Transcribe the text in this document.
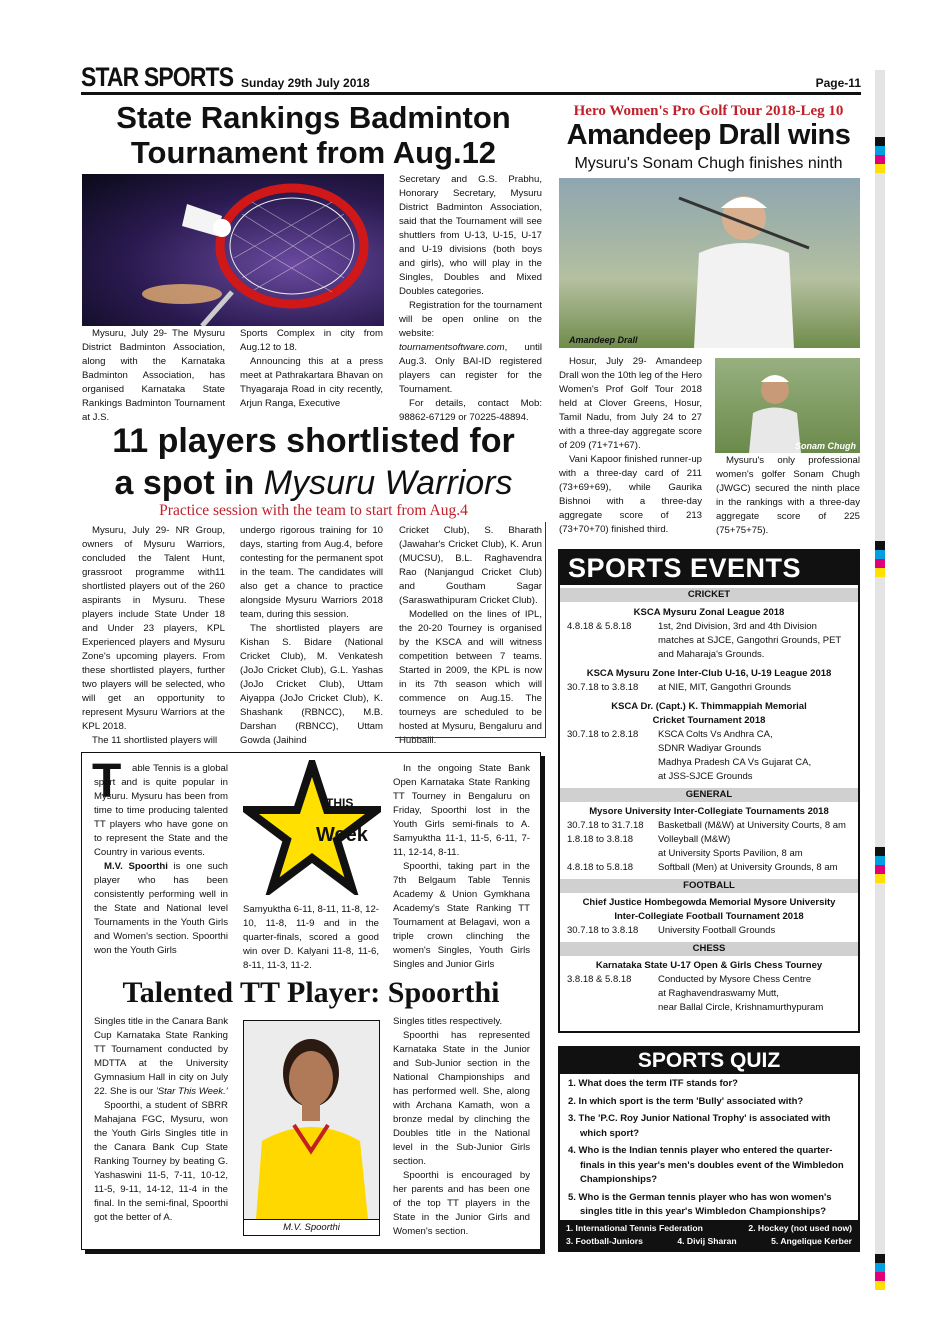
STAR SPORTS Sunday 29th July 2018	Page-11
State Rankings Badminton
Tournament from Aug.12

Mysuru, July 29- The Mysuru District Badminton Association, along with the Karnataka Badminton Association, has organised Karnataka State Rankings Badminton Tournament at J.S.

Sports Complex in city from Aug.12 to 18.

Announcing this at a press meet at Pathrakartara Bhavan on Thyagaraja Road in city recently, Arjun Ranga, Executive

Secretary and G.S. Prabhu, Honorary Secretary, Mysuru District Badminton Association, said that the Tournament will see shuttlers from U-13, U-15, U-17 and U-19 divisions (both boys and girls), who will play in the Singles, Doubles and Mixed Doubles categories.

Registration for the tournament will be open online on the website: tournamentsoftware.com, until Aug.3. Only BAI-ID registered players can register for the Tournament.

For details, contact Mob: 98862-67129 or 70225-48894.

Hero Women's Pro Golf Tour 2018-Leg 10
Amandeep Drall wins
Mysuru's Sonam Chugh finishes ninth
Amandeep Drall

Hosur, July 29- Amandeep Drall won the 10th leg of the Hero Women's Prof Golf Tour 2018 held at Clover Greens, Hosur, Tamil Nadu, from July 24 to 27 with a three-day aggregate score of 209 (71+71+67).

Vani Kapoor finished runner-up with a three-day card of 211 (73+69+69), while Gaurika Bishnoi with a three-day aggregate score of 213 (73+70+70) finished third.

Sonam Chugh

Mysuru's only professional women's golfer Sonam Chugh (JWGC) secured the ninth place in the rankings with a three-day aggregate score of 225 (75+75+75).

11 players shortlisted for
a spot in Mysuru Warriors
Practice session with the team to start from Aug.4

Mysuru, July 29- NR Group, owners of Mysuru Warriors, concluded the Talent Hunt, grassroot programme with11 shortlisted players out of the 260 aspirants in Mysuru. These players include State Under 18 and Under 23 players, KPL Experienced players and Mysuru Zone's upcoming players. From these shortlisted players, further two players will be selected, who will get an opportunity to represent Mysuru Warriors at the KPL 2018.

The 11 shortlisted players will

undergo rigorous training for 10 days, starting from Aug.4, before contesting for the permanent spot in the team. The candidates will also get a chance to practice alongside Mysuru Warriors 2018 team, during this session.

The shortlisted players are Kishan S. Bidare (National Cricket Club), M. Venkatesh (JoJo Cricket Club), G.L. Yashas (JoJo Cricket Club), Uttam Aiyappa (JoJo Cricket Club), K. Shashank (RBNCC), M.B. Darshan (RBNCC), Uttam Gowda (Jaihind

Cricket Club), S. Bharath (Jawahar's Cricket Club), K. Arun (MUCSU), B.L. Raghavendra Rao (Nanjangud Cricket Club) and Goutham Sagar (Saraswathipuram Cricket Club).

Modelled on the lines of IPL, the 20-20 Tourney is organised by the KSCA and will witness competition between 7 teams. Started in 2009, the KPL is now in its 7th season which will commence on Aug.15. The tourneys are scheduled to be hosted at Mysuru, Bengaluru and Hubballi.

T	able Tennis is a global sport and is quite popular in Mysuru. Mysuru has been from time to time producing talented TT players who have gone on to represent the State and the Country in various events.

M.V. Spoorthi is one such player who has been consistently performing well in the State and National level Tournaments in the Youth Girls and Women's section. Spoorthi won the Youth Girls

THIS
Week

Samyuktha 6-11, 8-11, 11-8, 12-10, 11-8, 11-9 and in the quarter-finals, scored a good win over D. Kalyani 11-8, 11-6, 8-11, 11-3, 11-2.

In the ongoing State Bank Open Karnataka State Ranking TT Tourney in Bengaluru on Friday, Spoorthi lost in the Youth Girls semi-finals to A. Samyuktha 11-1, 11-5, 6-11, 7-11, 12-14, 8-11.

Spoorthi, taking part in the 7th Belgaum Table Tennis Academy & Union Gymkhana Academy's State Ranking TT Tournament at Belagavi, won a triple crown clinching the women's Singles, Youth Girls Singles and Junior Girls

Talented TT Player: Spoorthi

Singles title in the Canara Bank Cup Karnataka State Ranking TT Tournament conducted by MDTTA at the University Gymnasium Hall in city on July 22. She is our 'Star This Week.'

Spoorthi, a student of SBRR Mahajana FGC, Mysuru, won the Youth Girls Singles title in the Canara Bank Cup State Ranking Tourney by beating G. Yashaswini 11-5, 7-11, 10-12, 11-5, 9-11, 14-12, 11-4 in the final. In the semi-final, Spoorthi got the better of A.

M.V. Spoorthi

Singles titles respectively.

Spoorthi has represented Karnataka State in the Junior and Sub-Junior section in the National Championships and has performed well. She, along with Archana Kamath, won a bronze medal by clinching the Doubles title in the National level in the Sub-Junior Girls section.

Spoorthi is encouraged by her parents and has been one of the top TT players in the State in the Junior Girls and Women's section.

SPORTS EVENTS
CRICKET
KSCA Mysuru Zonal League 2018
4.8.18 & 5.8.18	1st, 2nd Division, 3rd and 4th Division matches at SJCE, Gangothri Grounds, PET and Maharaja's Grounds.
KSCA Mysuru Zone Inter-Club U-16, U-19 League 2018
30.7.18 to 3.8.18	at NIE, MIT, Gangothri Grounds
KSCA Dr. (Capt.) K. Thimmappiah Memorial
Cricket Tournament 2018
30.7.18 to 2.8.18	KSCA Colts Vs Andhra CA,
SDNR Wadiyar Grounds
Madhya Pradesh CA Vs Gujarat CA,
at JSS-SJCE Grounds
GENERAL
Mysore University Inter-Collegiate Tournaments 2018
30.7.18 to 31.7.18	Basketball (M&W) at University Courts, 8 am
1.8.18 to 3.8.18	Volleyball (M&W)
at University Sports Pavilion, 8 am
4.8.18 to 5.8.18	Softball (Men) at University Grounds, 8 am
FOOTBALL
Chief Justice Hombegowda Memorial Mysore University
Inter-Collegiate Football Tournament 2018
30.7.18 to 3.8.18	University Football Grounds
CHESS
Karnataka State U-17 Open & Girls Chess Tourney
3.8.18 & 5.8.18	Conducted by Mysore Chess Centre
at Raghavendraswamy Mutt,
near Ballal Circle, Krishnamurthypuram
SPORTS QUIZ
1. What does the term ITF stands for?
2. In which sport is the term 'Bully' associated with?
3. The 'P.C. Roy Junior National Trophy' is associated with which sport?
4. Who is the Indian tennis player who entered the quarter-finals in this year's men's doubles event of the Wimbledon Championships?
5. Who is the German tennis player who has won women's singles title in this year's Wimbledon Championships?
1. International Tennis Federation	2. Hockey (not used now)
3. Football-Juniors	4. Divij Sharan	5. Angelique Kerber
